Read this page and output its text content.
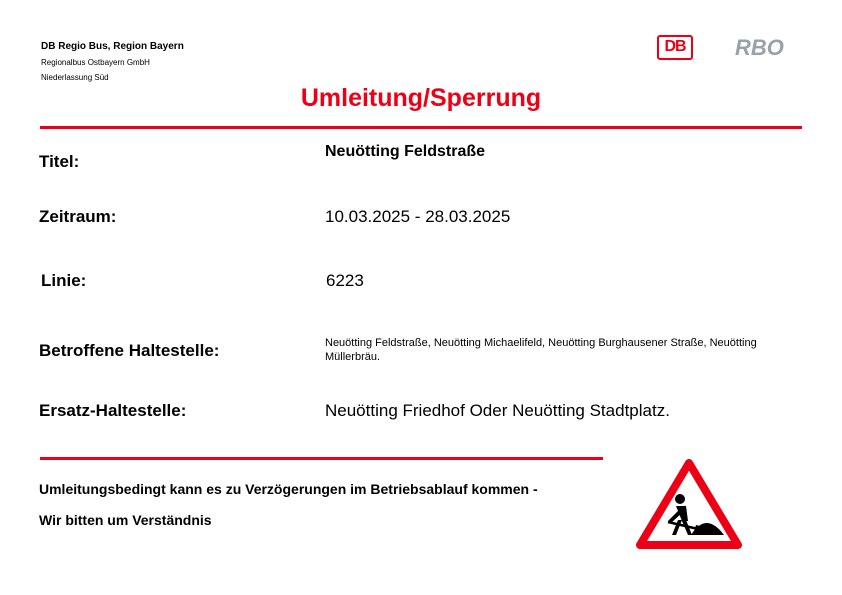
DB Regio Bus, Region Bayern
Regionalbus Ostbayern GmbH
Niederlassung Süd
DB	RBO
Umleitung/Sperrung
Titel:
Neuötting Feldstraße
Zeitraum:	10.03.2025 - 28.03.2025
Linie:	6223
Betroffene Haltestelle:	Neuötting Feldstraße, Neuötting Michaelifeld, Neuötting Burghausener Straße, Neuötting Müllerbräu.
Ersatz-Haltestelle:	Neuötting Friedhof Oder Neuötting Stadtplatz.
Umleitungsbedingt kann es zu Verzögerungen im Betriebsablauf kommen -
Wir bitten um Verständnis
